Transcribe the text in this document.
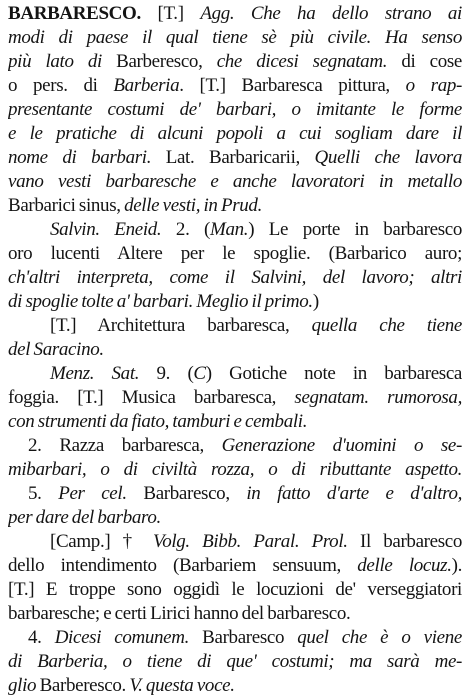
BARBARESCO. [T.] Agg. Che ha dello strano ai
modi di paese il qual tiene sè più civile. Ha senso
più lato di Barberesco, che dicesi segnatam. di cose
o pers. di Barberia. [T.] Barbaresca pittura, o rap-
presentante costumi de' barbari, o imitante le forme
e le pratiche di alcuni popoli a cui sogliam dare il
nome di barbari. Lat. Barbaricarii, Quelli che lavora
vano vesti barbaresche e anche lavoratori in metallo
Barbarici sinus, delle vesti, in Prud.
Salvin. Eneid. 2. (Man.) Le porte in barbaresco
oro lucenti Altere per le spoglie. (Barbarico auro;
ch'altri interpreta, come il Salvini, del lavoro; altri
di spoglie tolte a' barbari. Meglio il primo.)
[T.] Architettura barbaresca, quella che tiene
del Saracino.
Menz. Sat. 9. (C) Gotiche note in barbaresca
foggia. [T.] Musica barbaresca, segnatam. rumorosa,
con strumenti da fiato, tamburi e cembali.
2. Razza barbaresca, Generazione d'uomini o se-
mibarbari, o di civiltà rozza, o di ributtante aspetto.
5. Per cel. Barbaresco, in fatto d'arte e d'altro,
per dare del barbaro.
[Camp.] † Volg. Bibb. Paral. Prol. Il barbaresco
dello intendimento (Barbariem sensuum, delle locuz.).
[T.] E troppe sono oggidì le locuzioni de' verseggiatori
barbaresche; e certi Lirici hanno del barbaresco.
4. Dicesi comunem. Barbaresco quel che è o viene
di Barberia, o tiene di que' costumi; ma sarà me-
glio Barberesco. V. questa voce.
